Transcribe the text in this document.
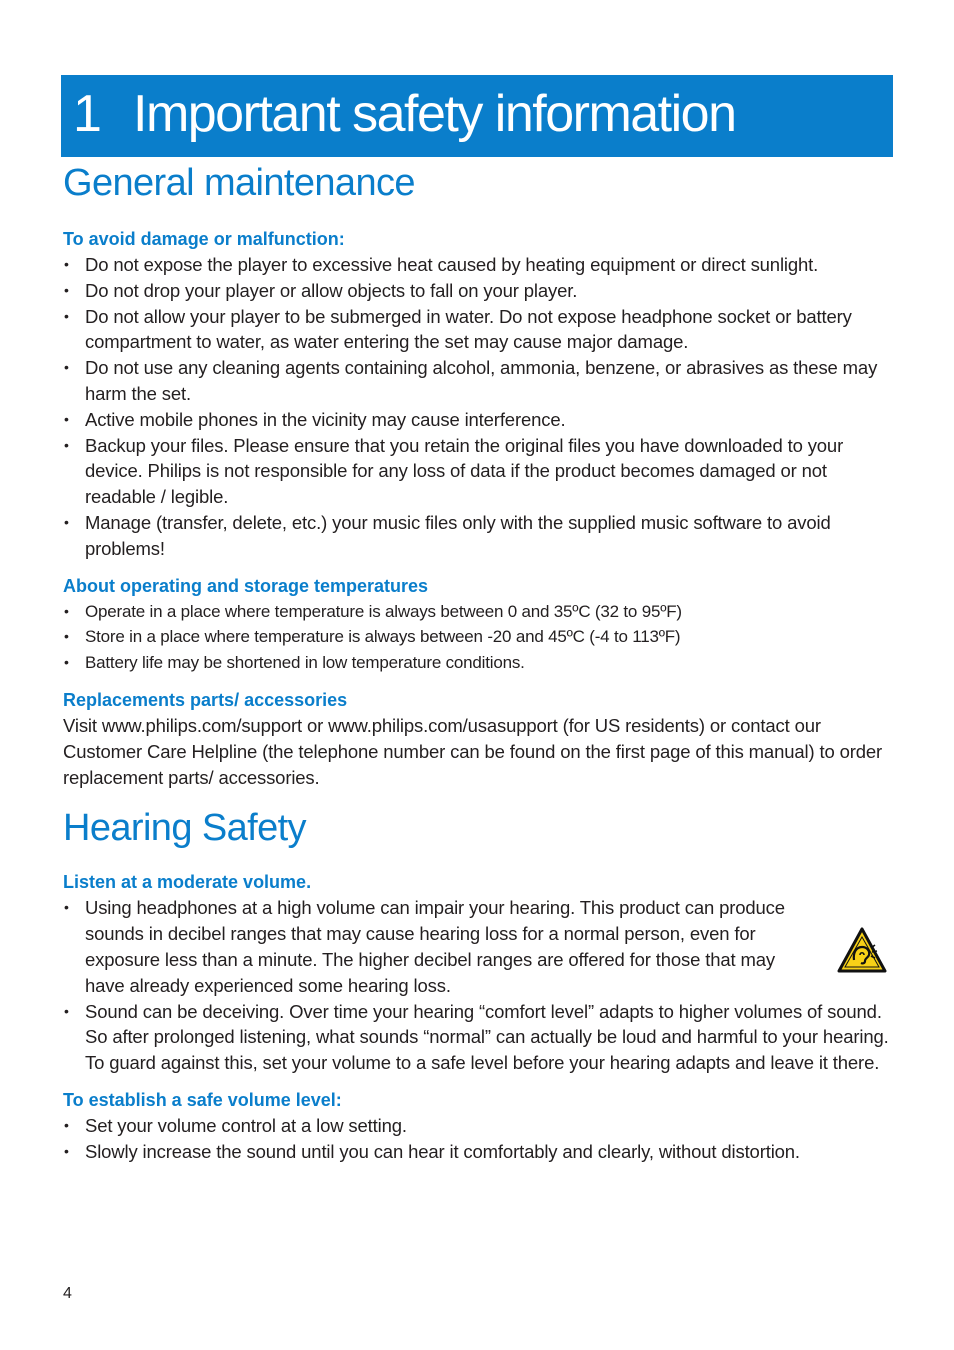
1 Important safety information
General maintenance
To avoid damage or malfunction:
• Do not expose the player to excessive heat caused by heating equipment or direct sunlight.
• Do not drop your player or allow objects to fall on your player.
• Do not allow your player to be submerged in water. Do not expose headphone socket or battery compartment to water, as water entering the set may cause major damage.
• Do not use any cleaning agents containing alcohol, ammonia, benzene, or abrasives as these may harm the set.
• Active mobile phones in the vicinity may cause interference.
• Backup your files. Please ensure that you retain the original files you have downloaded to your device. Philips is not responsible for any loss of data if the product becomes damaged or not readable / legible.
• Manage (transfer, delete, etc.) your music files only with the supplied music software to avoid problems!
About operating and storage temperatures
• Operate in a place where temperature is always between 0 and 35ºC (32 to 95ºF)
• Store in a place where temperature is always between -20 and 45ºC (-4 to 113ºF)
• Battery life may be shortened in low temperature conditions.
Replacements parts/ accessories

Visit www.philips.com/support or www.philips.com/usasupport (for US residents) or contact our Customer Care Helpline (the telephone number can be found on the first page of this manual) to order replacement parts/ accessories.

Hearing Safety
Listen at a moderate volume.
• Using headphones at a high volume can impair your hearing. This product can produce sounds in decibel ranges that may cause hearing loss for a normal person, even for exposure less than a minute. The higher decibel ranges are offered for those that may have already experienced some hearing loss.
• Sound can be deceiving. Over time your hearing “comfort level” adapts to higher volumes of sound. So after prolonged listening, what sounds “normal” can actually be loud and harmful to your hearing. To guard against this, set your volume to a safe level before your hearing adapts and leave it there.
To establish a safe volume level:
• Set your volume control at a low setting.
• Slowly increase the sound until you can hear it comfortably and clearly, without distortion.
4
